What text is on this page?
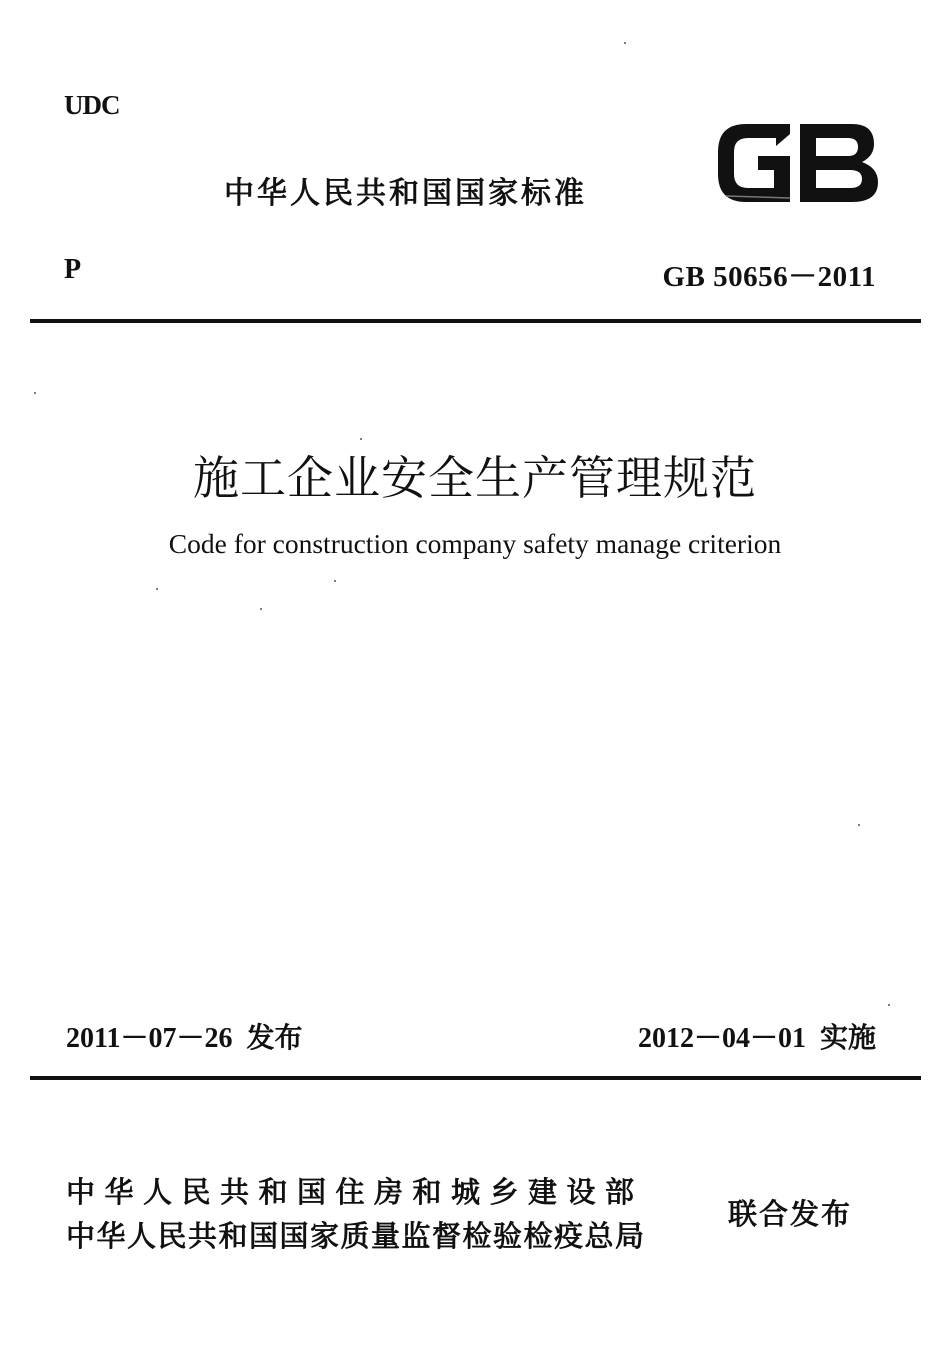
UDC
中华人民共和国国家标准
P	GB 50656－2011
施工企业安全生产管理规范
Code for construction company safety manage criterion
2011－07－26  发布	2012－04－01  实施
中华人民共和国住房和城乡建设部
中华人民共和国国家质量监督检验检疫总局
联合发布
